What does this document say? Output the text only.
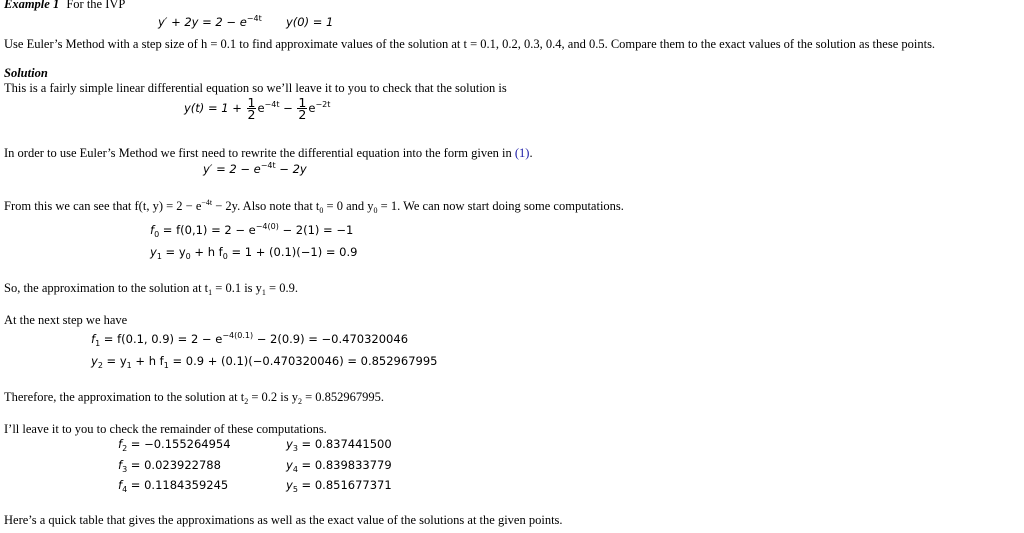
Example 1 For the IVP
$y' + 2y = 2 - e^{-4t}$ y(0) = 1
Use Euler’s Method with a step size of h = 0.1 to find approximate values of the solution at t = 0.1, 0.2, 0.3, 0.4, and 0.5. Compare them to the exact values of the solution as these points.
Solution
This is a fairly simple linear differential equation so we’ll leave it to you to check that the solution is
$y(t) = 1 + \frac{1}{2} e^{-4t} - \frac{1}{2} e^{-2t}$
In order to use Euler’s Method we first need to rewrite the differential equation into the form given in (1).
$y' = 2 - e^{-4t} - 2y$
From this we can see that f(t, $y) = 2 - e^{-4t} - 2y$. Also note that $t_0 = 0$ and $y_0 = 1$. We can now start doing some computations.
$f_0 = f(0,1) = 2 - e^{-4(0)} - 2(1) = -1$
$y_1 = y_0 + h$ $f_0 = 1 + (0.1)(-1) = 0.9$
So, the approximation to the solution at $t_1 = 0.1$ is $y_1 = 0.9$.
At the next step we have
$f_1 = f(0.1$, $0.9) = 2 - e^{-4(0.1)} - 2(0.9) = -0.470320046$
$y_2 = y_1 + h$ $f_1 = 0.9 + (0.1)(-0.470320046) = 0.852967995$
Therefore, the approximation to the solution at $t_2 = 0.2$ is $y_2 = 0.852967995$.
I’ll leave it to you to check the remainder of these computations.
$f_2 = -0.155264954$	$y_3 = 0.837441500$
$f_3 = 0.023922788$	$y_4 = 0.839833779$
$f_4 = 0.1184359245$	$y_5 = 0.851677371$
Here’s a quick table that gives the approximations as well as the exact value of the solutions at the given points.
